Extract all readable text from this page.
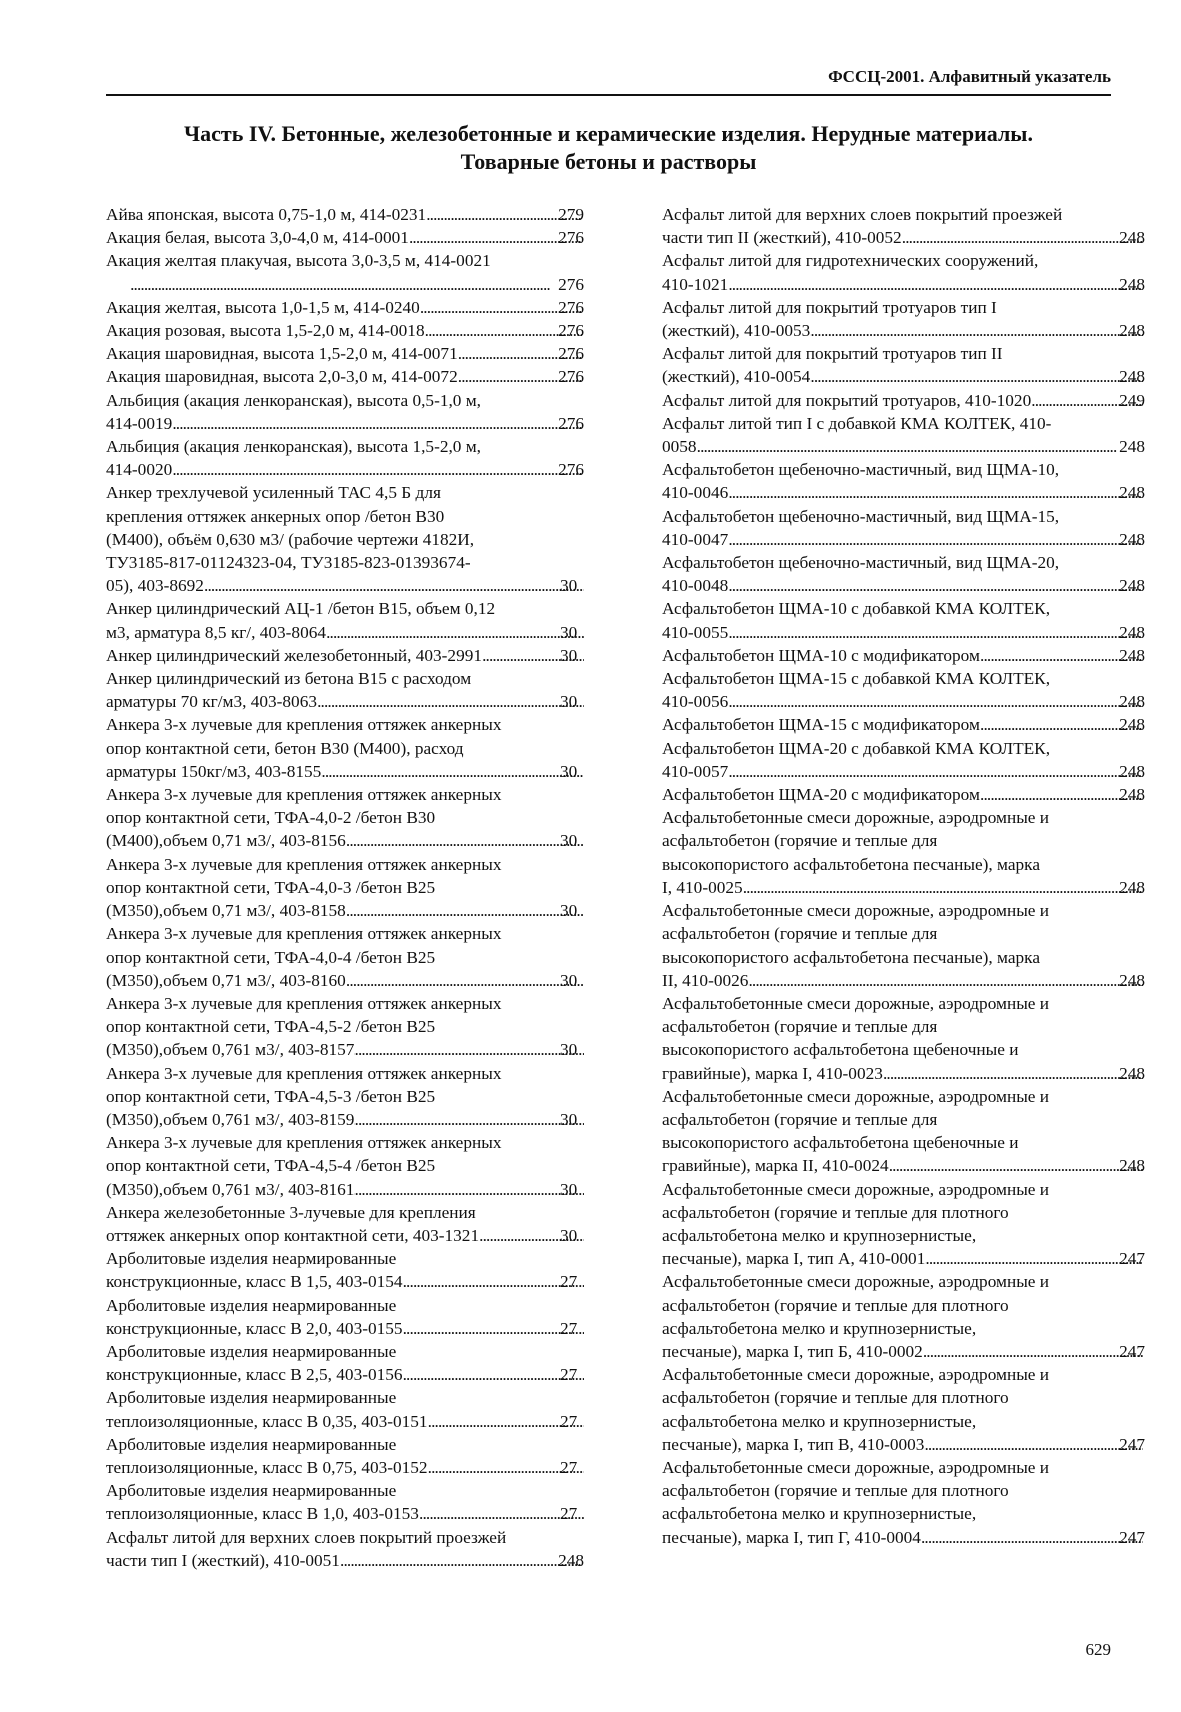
ФССЦ-2001. Алфавитный указатель
Часть IV. Бетонные, железобетонные и керамические изделия. Нерудные материалы.
Товарные бетоны и растворы
Айва японская, высота 0,75-1,0 м, 414-0231 . . .	279
Акация белая, высота 3,0-4,0 м, 414-0001 . . .	276
Акация желтая плакучая, высота 3,0-3,5 м, 414-0021
. . .
276
Акация желтая, высота 1,0-1,5 м, 414-0240 . . .	276
Акация розовая, высота 1,5-2,0 м, 414-0018 . . .	276
Акация шаровидная, высота 1,5-2,0 м, 414-0071 . . .	276
Акация шаровидная, высота 2,0-3,0 м, 414-0072 . . .	276
Альбиция (акация ленкоранская), высота 0,5-1,0 м,
414-0019 . . .	276
Альбиция (акация ленкоранская), высота 1,5-2,0 м,
414-0020 . . .	276
Анкер трехлучевой усиленный ТАС 4,5 Б для
крепления оттяжек анкерных опор /бетон В30
(М400), объём 0,630 м3/ (рабочие чертежи 4182И,
ТУ3185-817-01124323-04, ТУ3185-823-01393674-
05), 403-8692 . . .	30
Анкер цилиндрический АЦ-1 /бетон В15, объем 0,12
м3, арматура 8,5 кг/, 403-8064 . . .	30
Анкер цилиндрический железобетонный, 403-2991 . . .	30
Анкер цилиндрический из бетона В15 с расходом
арматуры 70 кг/м3, 403-8063 . . .	30
Анкера 3-х лучевые для крепления оттяжек анкерных
опор контактной сети, бетон В30 (М400), расход
арматуры 150кг/м3, 403-8155 . . .	30
Анкера 3-х лучевые для крепления оттяжек анкерных
опор контактной сети, ТФА-4,0-2 /бетон В30
(М400),объем 0,71 м3/, 403-8156 . . .	30
Анкера 3-х лучевые для крепления оттяжек анкерных
опор контактной сети, ТФА-4,0-3 /бетон В25
(М350),объем 0,71 м3/, 403-8158 . . .	30
Анкера 3-х лучевые для крепления оттяжек анкерных
опор контактной сети, ТФА-4,0-4 /бетон В25
(М350),объем 0,71 м3/, 403-8160 . . .	30
Анкера 3-х лучевые для крепления оттяжек анкерных
опор контактной сети, ТФА-4,5-2 /бетон В25
(М350),объем 0,761 м3/, 403-8157 . . .	30
Анкера 3-х лучевые для крепления оттяжек анкерных
опор контактной сети, ТФА-4,5-3 /бетон В25
(М350),объем 0,761 м3/, 403-8159 . . .	30
Анкера 3-х лучевые для крепления оттяжек анкерных
опор контактной сети, ТФА-4,5-4 /бетон В25
(М350),объем 0,761 м3/, 403-8161 . . .	30
Анкера железобетонные 3-лучевые для крепления
оттяжек анкерных опор контактной сети, 403-1321 . . .	30
Арболитовые изделия неармированные
конструкционные, класс В 1,5, 403-0154 . . .	27
Арболитовые изделия неармированные
конструкционные, класс В 2,0, 403-0155 . . .	27
Арболитовые изделия неармированные
конструкционные, класс В 2,5, 403-0156 . . .	27
Арболитовые изделия неармированные
теплоизоляционные, класс В 0,35, 403-0151 . . .	27
Арболитовые изделия неармированные
теплоизоляционные, класс В 0,75, 403-0152 . . .	27
Арболитовые изделия неармированные
теплоизоляционные, класс В 1,0, 403-0153 . . .	27
Асфальт литой для верхних слоев покрытий проезжей
части тип I (жесткий), 410-0051 . . .	248
Асфальт литой для верхних слоев покрытий проезжей
части тип II (жесткий), 410-0052 . . .	248
Асфальт литой для гидротехнических сооружений,
410-1021 . . .	248
Асфальт литой для покрытий тротуаров тип I
(жесткий), 410-0053 . . .	248
Асфальт литой для покрытий тротуаров тип II
(жесткий), 410-0054 . . .	248
Асфальт литой для покрытий тротуаров, 410-1020 . . .	249
Асфальт литой тип I с добавкой КМА КОЛТЕК, 410-
0058 . . .	248
Асфальтобетон щебеночно-мастичный, вид ЩМА-10,
410-0046 . . .	248
Асфальтобетон щебеночно-мастичный, вид ЩМА-15,
410-0047 . . .	248
Асфальтобетон щебеночно-мастичный, вид ЩМА-20,
410-0048 . . .	248
Асфальтобетон ЩМА-10 с добавкой КМА КОЛТЕК,
410-0055 . . .	248
Асфальтобетон ЩМА-10 с модификатором . . .	248
Асфальтобетон ЩМА-15 с добавкой КМА КОЛТЕК,
410-0056 . . .	248
Асфальтобетон ЩМА-15 с модификатором . . .	248
Асфальтобетон ЩМА-20 с добавкой КМА КОЛТЕК,
410-0057 . . .	248
Асфальтобетон ЩМА-20 с модификатором . . .	248
Асфальтобетонные смеси дорожные, аэродромные и
асфальтобетон (горячие и теплые для
высокопористого асфальтобетона песчаные), марка
I, 410-0025 . . .	248
Асфальтобетонные смеси дорожные, аэродромные и
асфальтобетон (горячие и теплые для
высокопористого асфальтобетона песчаные), марка
II, 410-0026 . . .	248
Асфальтобетонные смеси дорожные, аэродромные и
асфальтобетон (горячие и теплые для
высокопористого асфальтобетона щебеночные и
гравийные), марка I, 410-0023 . . .	248
Асфальтобетонные смеси дорожные, аэродромные и
асфальтобетон (горячие и теплые для
высокопористого асфальтобетона щебеночные и
гравийные), марка II, 410-0024 . . .	248
Асфальтобетонные смеси дорожные, аэродромные и
асфальтобетон (горячие и теплые для плотного
асфальтобетона мелко и крупнозернистые,
песчаные), марка I, тип А, 410-0001 . . .	247
Асфальтобетонные смеси дорожные, аэродромные и
асфальтобетон (горячие и теплые для плотного
асфальтобетона мелко и крупнозернистые,
песчаные), марка I, тип Б, 410-0002 . . .	247
Асфальтобетонные смеси дорожные, аэродромные и
асфальтобетон (горячие и теплые для плотного
асфальтобетона мелко и крупнозернистые,
песчаные), марка I, тип В, 410-0003 . . .	247
Асфальтобетонные смеси дорожные, аэродромные и
асфальтобетон (горячие и теплые для плотного
асфальтобетона мелко и крупнозернистые,
песчаные), марка I, тип Г, 410-0004 . . .	247
629
